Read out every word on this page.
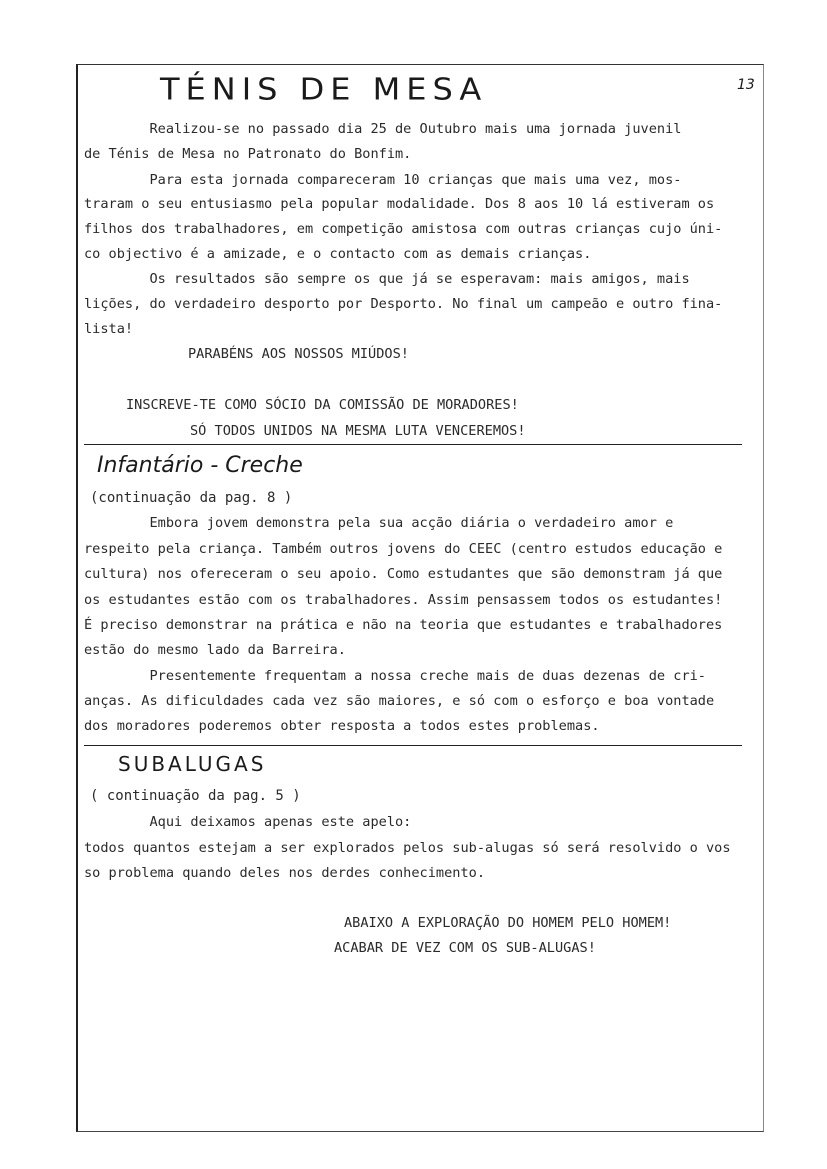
TÉNIS DE MESA	13
Realizou-se no passado dia 25 de Outubro mais uma jornada juvenil
de Ténis de Mesa no Patronato do Bonfim.
Para esta jornada compareceram 10 crianças que mais uma vez, mos-
traram o seu entusiasmo pela popular modalidade. Dos 8 aos 10 lá estiveram os
filhos dos trabalhadores, em competição amistosa com outras crianças cujo úni-
co objectivo é a amizade, e o contacto com as demais crianças.
Os resultados são sempre os que já se esperavam: mais amigos, mais
lições, do verdadeiro desporto por Desporto. No final um campeão e outro fina-
lista!
PARABÉNS AOS NOSSOS MIÚDOS!
INSCREVE-TE COMO SÓCIO DA COMISSÃO DE MORADORES!
SÓ TODOS UNIDOS NA MESMA LUTA VENCEREMOS!
Infantário - Creche
(continuação da pag. 8 )
Embora jovem demonstra pela sua acção diária o verdadeiro amor e
respeito pela criança. Também outros jovens do CEEC (centro estudos educação e
cultura) nos ofereceram o seu apoio. Como estudantes que são demonstram já que
os estudantes estão com os trabalhadores. Assim pensassem todos os estudantes!
É preciso demonstrar na prática e não na teoria que estudantes e trabalhadores
estão do mesmo lado da Barreira.
Presentemente frequentam a nossa creche mais de duas dezenas de cri-
anças. As dificuldades cada vez são maiores, e só com o esforço e boa vontade
dos moradores poderemos obter resposta a todos estes problemas.
SUBALUGAS
( continuação da pag. 5 )
Aqui deixamos apenas este apelo:
todos quantos estejam a ser explorados pelos sub-alugas só será resolvido o vos
so problema quando deles nos derdes conhecimento.
ABAIXO A EXPLORAÇÃO DO HOMEM PELO HOMEM!
ACABAR DE VEZ COM OS SUB-ALUGAS!
